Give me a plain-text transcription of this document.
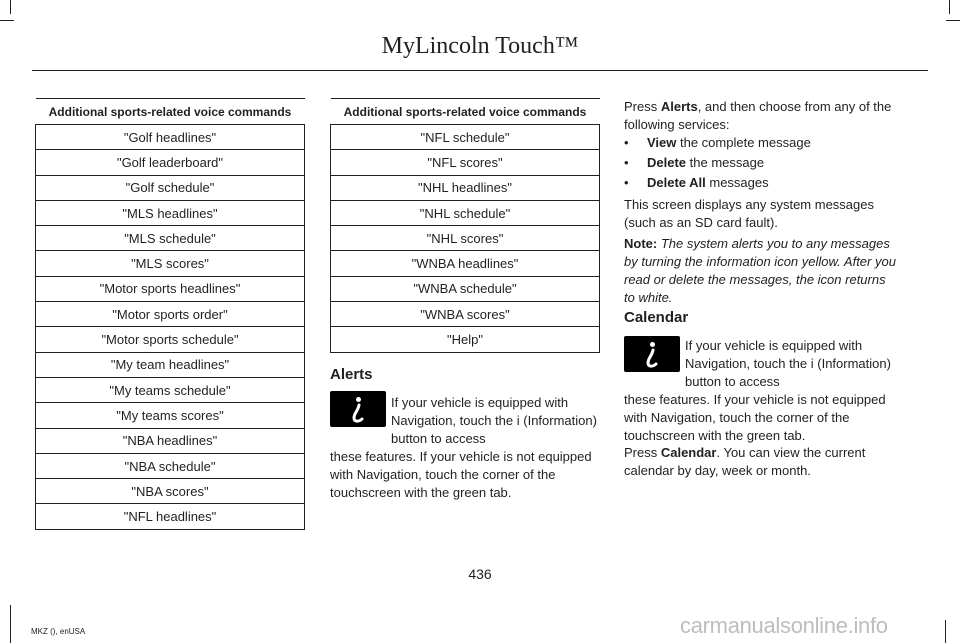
MyLincoln Touch™
Additional sports-related voice commands
"Golf headlines"
"Golf leaderboard"
"Golf schedule"
"MLS headlines"
"MLS schedule"
"MLS scores"
"Motor sports headlines"
"Motor sports order"
"Motor sports schedule"
"My team headlines"
"My teams schedule"
"My teams scores"
"NBA headlines"
"NBA schedule"
"NBA scores"
"NFL headlines"
Additional sports-related voice commands
"NFL schedule"
"NFL scores"
"NHL headlines"
"NHL schedule"
"NHL scores"
"WNBA headlines"
"WNBA schedule"
"WNBA scores"
"Help"
Alerts
If your vehicle is equipped with Navigation, touch the i (Information) button to access
these features. If your vehicle is not equipped with Navigation, touch the corner of the touchscreen with the green tab.
Press Alerts, and then choose from any of the following services:
• View the complete message
• Delete the message
• Delete All messages
This screen displays any system messages (such as an SD card fault).
Note: The system alerts you to any messages by turning the information icon yellow. After you read or delete the messages, the icon returns to white.
Calendar
If your vehicle is equipped with Navigation, touch the i (Information) button to access
these features. If your vehicle is not equipped with Navigation, touch the corner of the touchscreen with the green tab.
Press Calendar. You can view the current calendar by day, week or month.
436
MKZ (), enUSA	carmanualsonline.info
